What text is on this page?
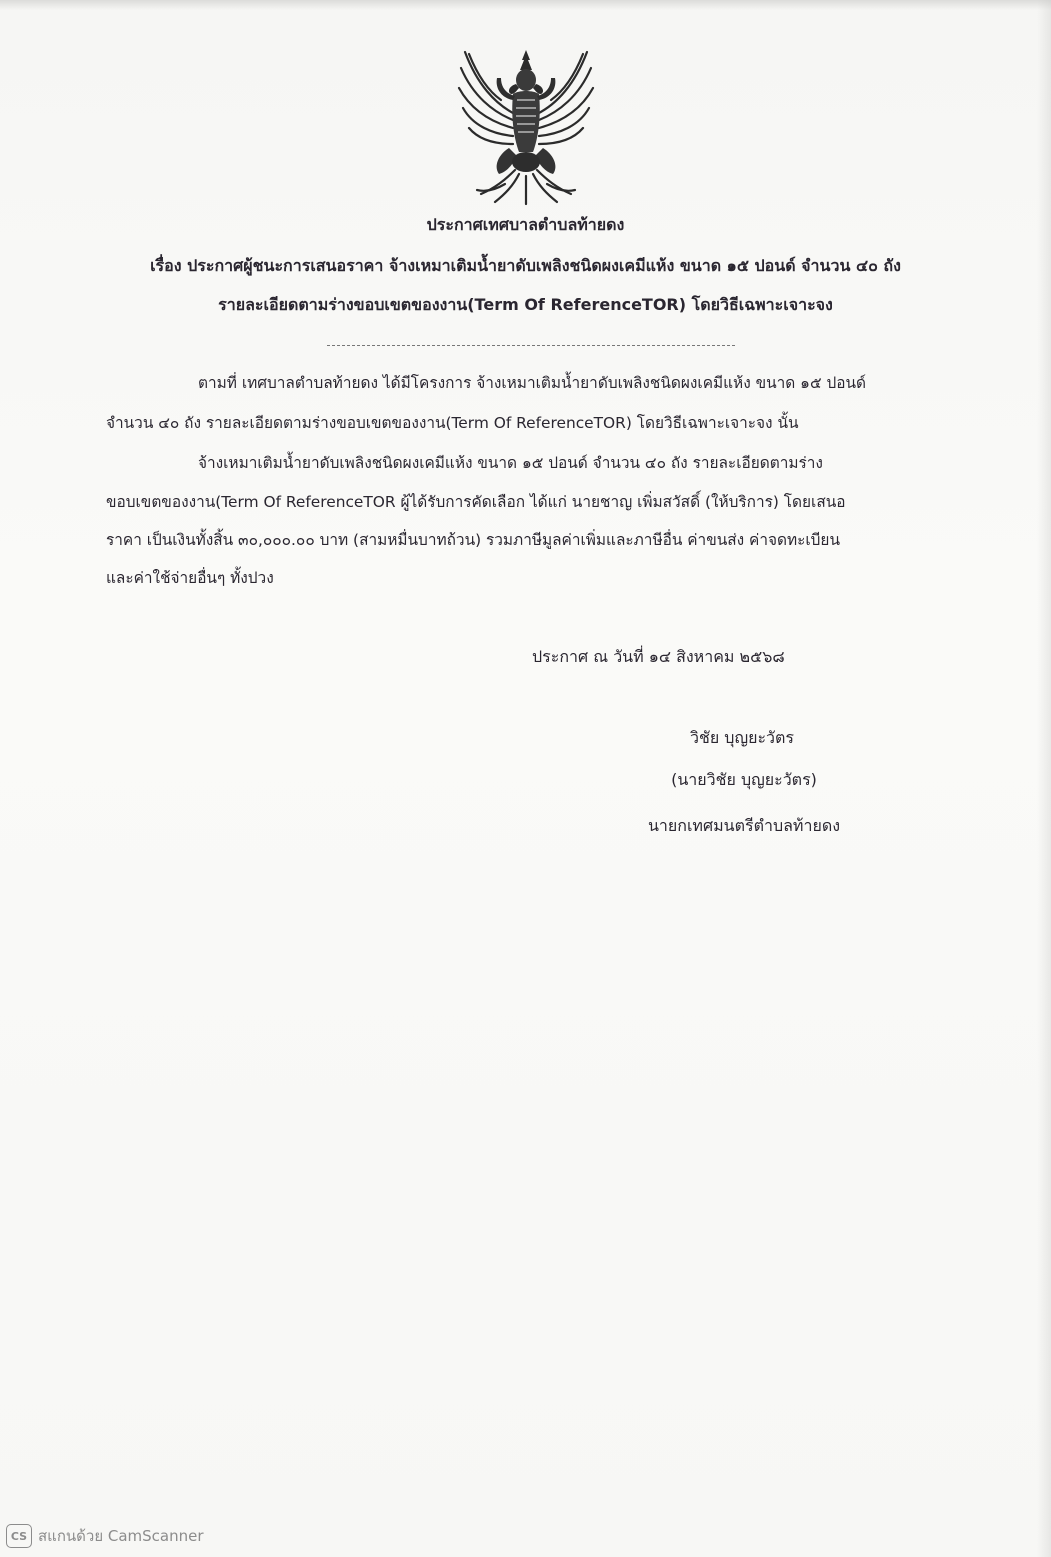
ประกาศเทศบาลตำบลท้ายดง
เรื่อง ประกาศผู้ชนะการเสนอราคา จ้างเหมาเติมน้ำยาดับเพลิงชนิดผงเคมีแห้ง ขนาด ๑๕ ปอนด์ จำนวน ๔๐ ถัง
รายละเอียดตามร่างขอบเขตของงาน(Term Of ReferenceTOR) โดยวิธีเฉพาะเจาะจง
ตามที่ เทศบาลตำบลท้ายดง ได้มีโครงการ จ้างเหมาเติมน้ำยาดับเพลิงชนิดผงเคมีแห้ง ขนาด ๑๕ ปอนด์
จำนวน ๔๐ ถัง รายละเอียดตามร่างขอบเขตของงาน(Term Of ReferenceTOR) โดยวิธีเฉพาะเจาะจง นั้น
จ้างเหมาเติมน้ำยาดับเพลิงชนิดผงเคมีแห้ง ขนาด ๑๕ ปอนด์ จำนวน ๔๐ ถัง รายละเอียดตามร่าง
ขอบเขตของงาน(Term Of ReferenceTOR ผู้ได้รับการคัดเลือก ได้แก่ นายชาญ เพิ่มสวัสดิ์ (ให้บริการ) โดยเสนอ
ราคา เป็นเงินทั้งสิ้น ๓๐,๐๐๐.๐๐ บาท (สามหมื่นบาทถ้วน) รวมภาษีมูลค่าเพิ่มและภาษีอื่น ค่าขนส่ง ค่าจดทะเบียน
และค่าใช้จ่ายอื่นๆ ทั้งปวง
ประกาศ ณ วันที่ ๑๔ สิงหาคม ๒๕๖๘
วิชัย บุญยะวัตร
(นายวิชัย บุญยะวัตร)
นายกเทศมนตรีตำบลท้ายดง
CS สแกนด้วย CamScanner
